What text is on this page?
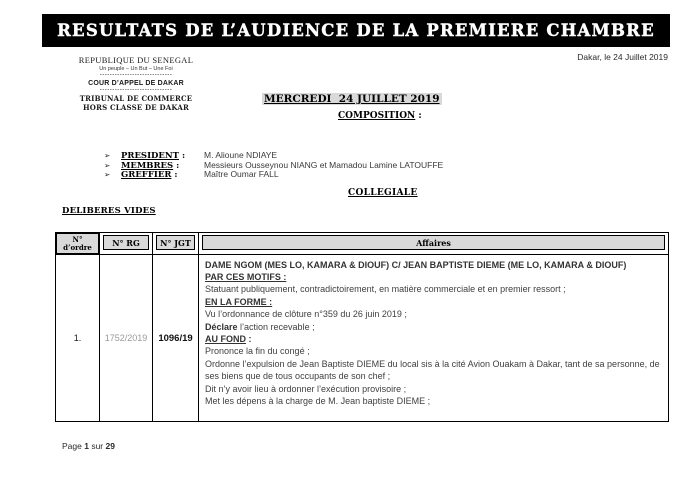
RESULTATS DE L’AUDIENCE DE LA PREMIERE CHAMBRE
REPUBLIQUE DU SENEGAL
Un peuple – Un But – Une Foi
-----------------------------
COUR D’APPEL DE DAKAR
-----------------------------
TRIBUNAL DE COMMERCE
HORS CLASSE DE DAKAR
Dakar, le 24 Juillet 2019
MERCREDI  24 JUILLET 2019
COMPOSITION :
➢	PRESIDENT :	M. Alioune NDIAYE
➢	MEMBRES :	Messieurs Ousseynou NIANG et Mamadou Lamine LATOUFFE
➢	GREFFIER :	Maître Oumar FALL
COLLEGIALE
DELIBERES VIDES
N°
d’ordre	N° RG	N° JGT	Affaires
1.	1752/2019	1096/19
DAME NGOM (MES LO, KAMARA & DIOUF) C/ JEAN BAPTISTE DIEME (ME LO, KAMARA & DIOUF)
PAR CES MOTIFS :
Statuant publiquement, contradictoirement, en matière commerciale et en premier ressort ;
EN LA FORME :
Vu l’ordonnance de clôture n°359 du 26 juin 2019 ;
Déclare l’action recevable ;
AU FOND :
Prononce la fin du congé ;
Ordonne l’expulsion de Jean Baptiste DIEME du local sis à la cité Avion Ouakam à Dakar, tant de sa personne, de ses biens que de tous occupants de son chef ;
Dit n’y avoir lieu à ordonner l’exécution provisoire ;
Met les dépens à la charge de M. Jean baptiste DIEME ;
Page 1 sur 29
